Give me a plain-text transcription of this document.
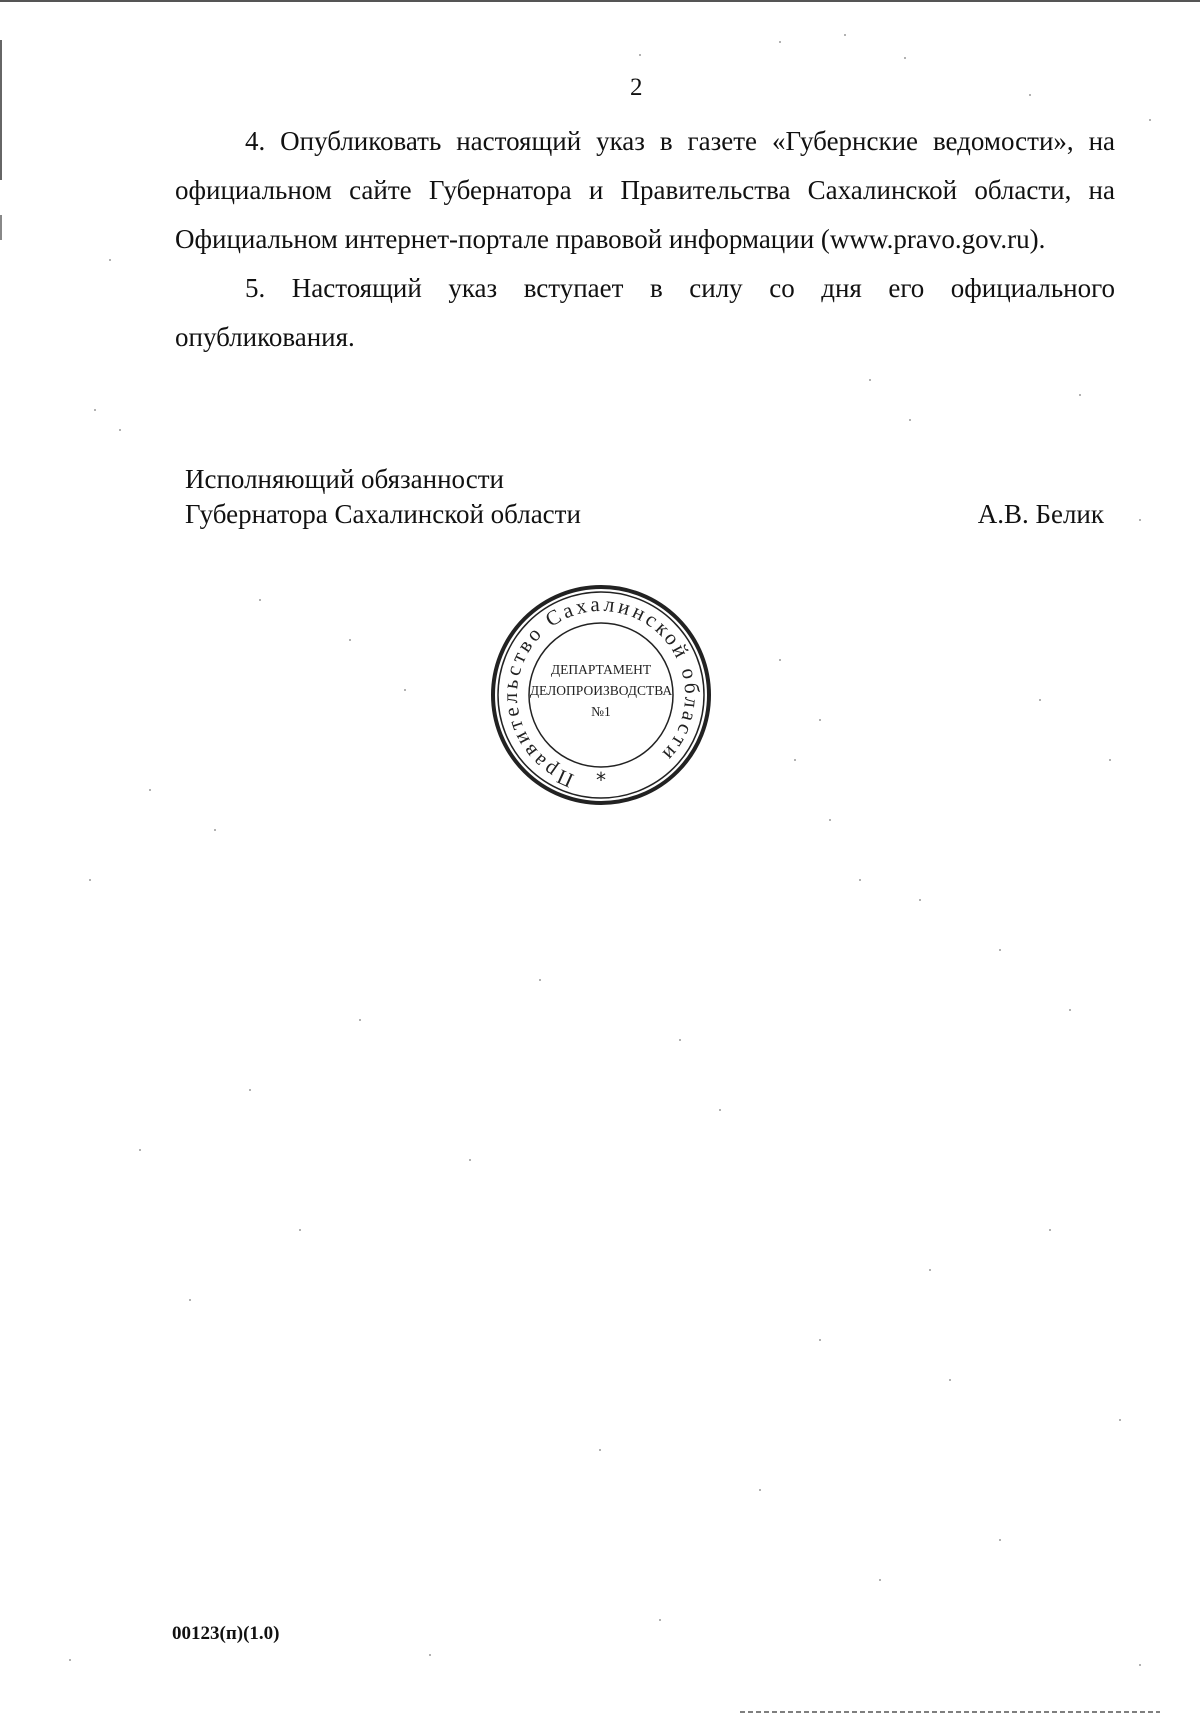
2

4. Опубликовать настоящий указ в газете «Губернские ведомости», на официальном сайте Губернатора и Правительства Сахалинской области, на Официальном интернет-портале правовой информации (www.pravo.gov.ru).

5. Настоящий указ вступает в силу со дня его официального опубликования.

Исполняющий обязанности
Губернатора Сахалинской области	А.В. Белик
Правительство Сахалинской области
*
ДЕПАРТАМЕНТ
ДЕЛОПРОИЗВОДСТВА
№1
00123(п)(1.0)
